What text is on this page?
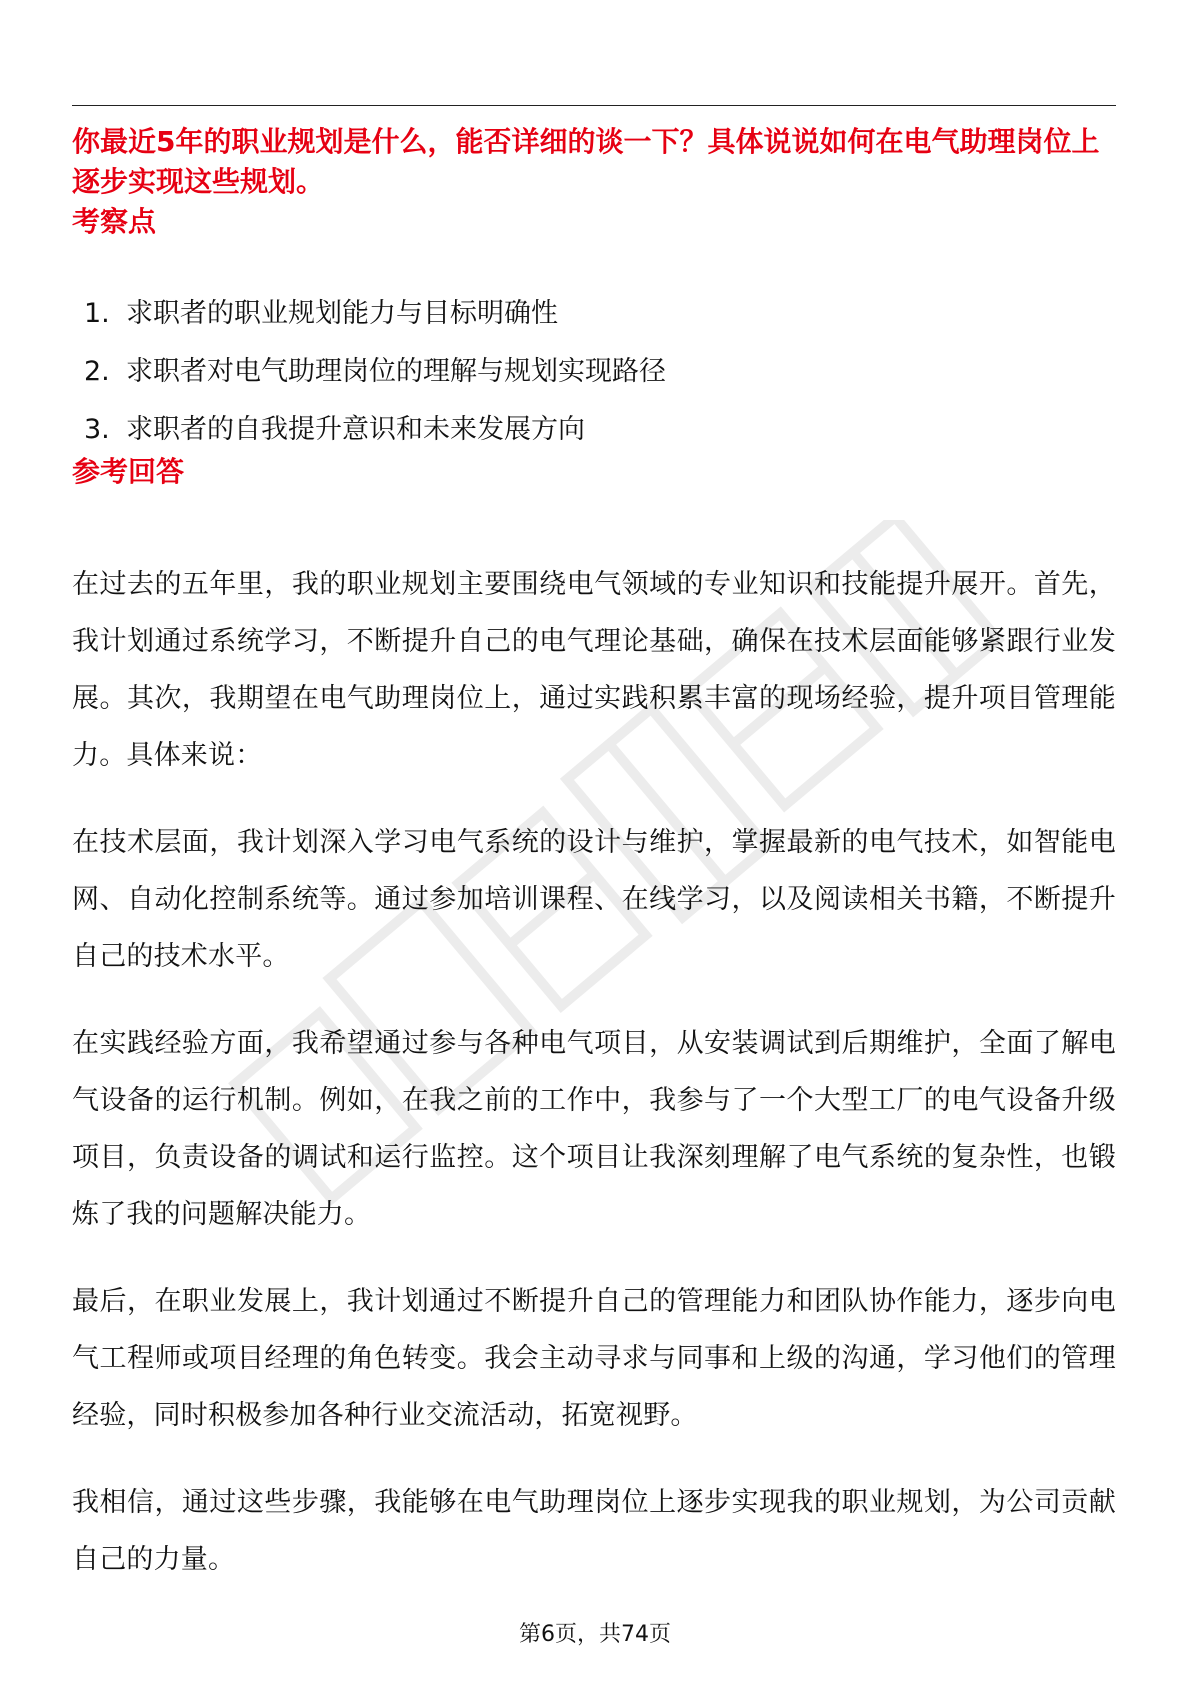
你最近5年的职业规划是什么，能否详细的谈一下？具体说说如何在电气助理岗位上逐步实现这些规划。
考察点
1. 求职者的职业规划能力与目标明确性
2. 求职者对电气助理岗位的理解与规划实现路径
3. 求职者的自我提升意识和未来发展方向
参考回答

在过去的五年里，我的职业规划主要围绕电气领域的专业知识和技能提升展开。首先，我计划通过系统学习，不断提升自己的电气理论基础，确保在技术层面能够紧跟行业发展。其次，我期望在电气助理岗位上，通过实践积累丰富的现场经验，提升项目管理能力。具体来说：

在技术层面，我计划深入学习电气系统的设计与维护，掌握最新的电气技术，如智能电网、自动化控制系统等。通过参加培训课程、在线学习，以及阅读相关书籍，不断提升自己的技术水平。

在实践经验方面，我希望通过参与各种电气项目，从安装调试到后期维护，全面了解电气设备的运行机制。例如，在我之前的工作中，我参与了一个大型工厂的电气设备升级项目，负责设备的调试和运行监控。这个项目让我深刻理解了电气系统的复杂性，也锻炼了我的问题解决能力。

最后，在职业发展上，我计划通过不断提升自己的管理能力和团队协作能力，逐步向电气工程师或项目经理的角色转变。我会主动寻求与同事和上级的沟通，学习他们的管理经验，同时积极参加各种行业交流活动，拓宽视野。

我相信，通过这些步骤，我能够在电气助理岗位上逐步实现我的职业规划，为公司贡献自己的力量。

第6页，共74页
